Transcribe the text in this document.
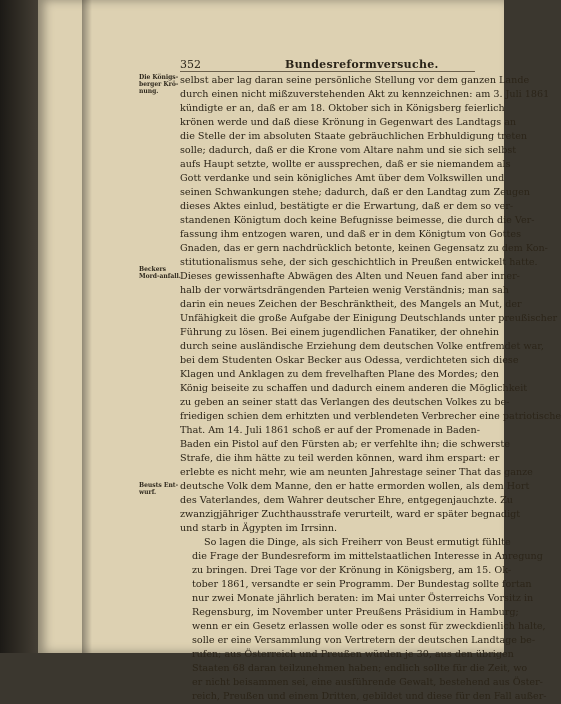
352	Bundesreformversuche.
Die Königs-berger Krö-nung.
Beckers Mord-anfall.
Beusts Ent-wurf.

selbst aber lag daran seine persönliche Stellung vor dem ganzen Lande
durch einen nicht mißzuverstehenden Akt zu kennzeichnen: am 3. Juli 1861
kündigte er an, daß er am 18. Oktober sich in Königsberg feierlich
krönen werde und daß diese Krönung in Gegenwart des Landtags an
die Stelle der im absoluten Staate gebräuchlichen Erbhuldigung treten
solle; dadurch, daß er die Krone vom Altare nahm und sie sich selbst
aufs Haupt setzte, wollte er aussprechen, daß er sie niemandem als
Gott verdanke und sein königliches Amt über dem Volkswillen und
seinen Schwankungen stehe; dadurch, daß er den Landtag zum Zeugen
dieses Aktes einlud, bestätigte er die Erwartung, daß er dem so ver-
standenen Königtum doch keine Befugnisse beimesse, die durch die Ver-
fassung ihm entzogen waren, und daß er in dem Königtum von Gottes
Gnaden, das er gern nachdrücklich betonte, keinen Gegensatz zu dem Kon-
stitutionalismus sehe, der sich geschichtlich in Preußen entwickelt hatte.
Dieses gewissenhafte Abwägen des Alten und Neuen fand aber inner-
halb der vorwärtsdrängenden Parteien wenig Verständnis; man sah
darin ein neues Zeichen der Beschränktheit, des Mangels an Mut, der
Unfähigkeit die große Aufgabe der Einigung Deutschlands unter preußischer
Führung zu lösen. Bei einem jugendlichen Fanatiker, der ohnehin
durch seine ausländische Erziehung dem deutschen Volke entfremdet war,
bei dem Studenten Oskar Becker aus Odessa, verdichteten sich diese
Klagen und Anklagen zu dem frevelhaften Plane des Mordes; den
König beiseite zu schaffen und dadurch einem anderen die Möglichkeit
zu geben an seiner statt das Verlangen des deutschen Volkes zu be-
friedigen schien dem erhitzten und verblendeten Verbrecher eine patriotische
That. Am 14. Juli 1861 schoß er auf der Promenade in Baden-
Baden ein Pistol auf den Fürsten ab; er verfehlte ihn; die schwerste
Strafe, die ihm hätte zu teil werden können, ward ihm erspart: er
erlebte es nicht mehr, wie am neunten Jahrestage seiner That das ganze
deutsche Volk dem Manne, den er hatte ermorden wollen, als dem Hort
des Vaterlandes, dem Wahrer deutscher Ehre, entgegenjauchzte. Zu
zwanzigjähriger Zuchthausstrafe verurteilt, ward er später begnadigt
und starb in Ägypten im Irrsinn.

So lagen die Dinge, als sich Freiherr von Beust ermutigt fühlte
die Frage der Bundesreform im mittelstaatlichen Interesse in Anregung
zu bringen. Drei Tage vor der Krönung in Königsberg, am 15. Ok-
tober 1861, versandte er sein Programm. Der Bundestag sollte fortan
nur zwei Monate jährlich beraten: im Mai unter Österreichs Vorsitz in
Regensburg, im November unter Preußens Präsidium in Hamburg;
wenn er ein Gesetz erlassen wolle oder es sonst für zweckdienlich halte,
solle er eine Versammlung von Vertretern der deutschen Landtage be-
rufen; aus Österreich und Preußen würden je 30, aus den übrigen
Staaten 68 daran teilzunehmen haben; endlich sollte für die Zeit, wo
er nicht beisammen sei, eine ausführende Gewalt, bestehend aus Öster-
reich, Preußen und einem Dritten, gebildet und diese für den Fall außer-
